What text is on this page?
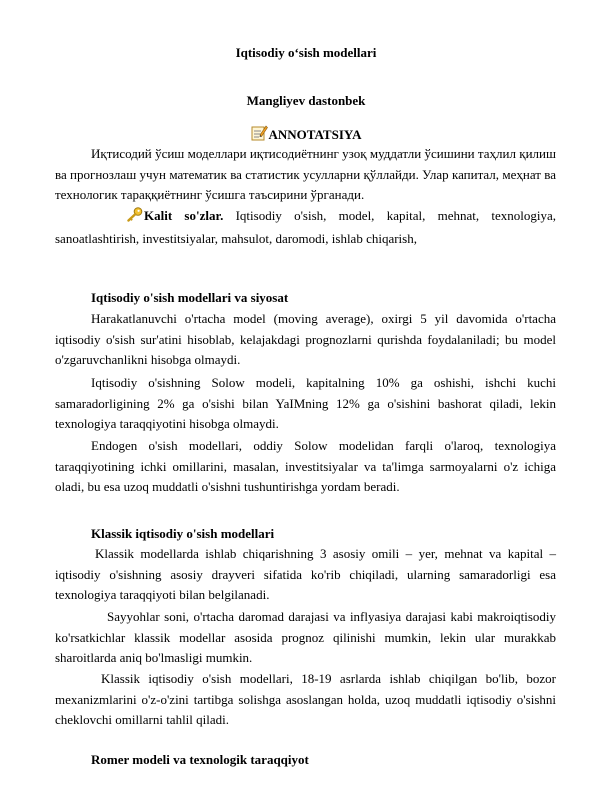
Iqtisodiy o‘sish modellari
Mangliyev dastonbek
ANNOTATSIYA
Иқтисодий ўсиш моделлари иқтисодиётнинг узоқ муддатли ўсишини таҳлил қилиш ва прогнозлаш учун математик ва статистик усулларни қўллайди. Улар капитал, меҳнат ва технологик тараққиётнинг ўсишга таъсирини ўрганади.
Kalit so'zlar. Iqtisodiy o'sish, model, kapital, mehnat, texnologiya, sanoatlashtirish, investitsiyalar, mahsulot, daromodi, ishlab chiqarish,
Iqtisodiy o'sish modellari va siyosat
Harakatlanuvchi o'rtacha model (moving average), oxirgi 5 yil davomida o'rtacha iqtisodiy o'sish sur'atini hisoblab, kelajakdagi prognozlarni qurishda foydalaniladi; bu model o'zgaruvchanlikni hisobga olmaydi.
Iqtisodiy o'sishning Solow modeli, kapitalning 10% ga oshishi, ishchi kuchi samaradorligining 2% ga o'sishi bilan YaIMning 12% ga o'sishini bashorat qiladi, lekin texnologiya taraqqiyotini hisobga olmaydi.
Endogen o'sish modellari, oddiy Solow modelidan farqli o'laroq, texnologiya taraqqiyotining ichki omillarini, masalan, investitsiyalar va ta'limga sarmoyalarni o'z ichiga oladi, bu esa uzoq muddatli o'sishni tushuntirishga yordam beradi.
Klassik iqtisodiy o'sish modellari
Klassik modellarda ishlab chiqarishning 3 asosiy omili – yer, mehnat va kapital – iqtisodiy o'sishning asosiy drayveri sifatida ko'rib chiqiladi, ularning samaradorligi esa texnologiya taraqqiyoti bilan belgilanadi.
Sayyohlar soni, o'rtacha daromad darajasi va inflyasiya darajasi kabi makroiqtisodiy ko'rsatkichlar klassik modellar asosida prognoz qilinishi mumkin, lekin ular murakkab sharoitlarda aniq bo'lmasligi mumkin.
Klassik iqtisodiy o'sish modellari, 18-19 asrlarda ishlab chiqilgan bo'lib, bozor mexanizmlarini o'z-o'zini tartibga solishga asoslangan holda, uzoq muddatli iqtisodiy o'sishni cheklovchi omillarni tahlil qiladi.
Romer modeli va texnologik taraqqiyot
